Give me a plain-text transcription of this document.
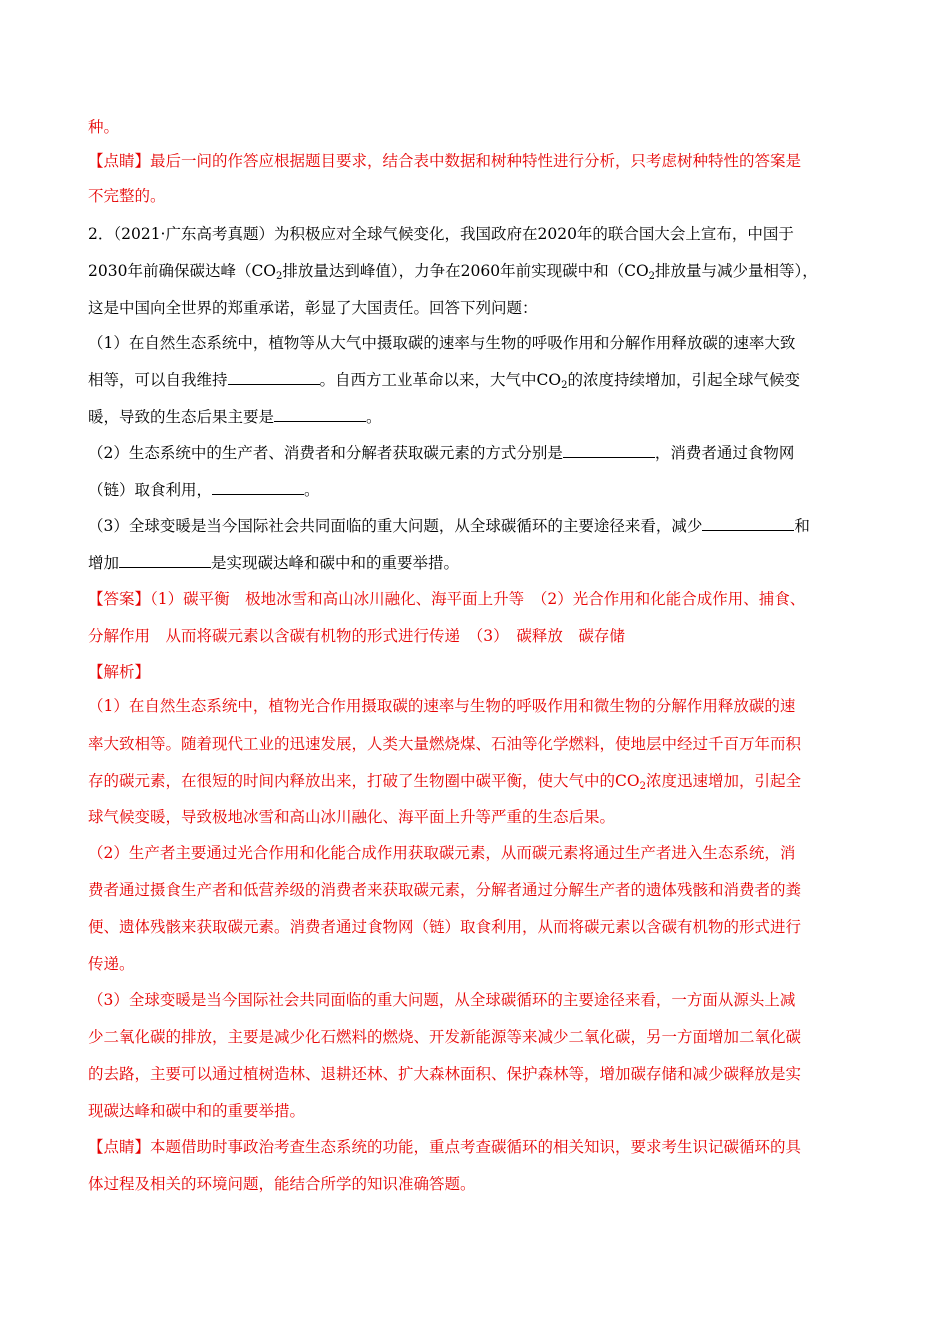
种。
【点睛】最后一问的作答应根据题目要求，结合表中数据和树种特性进行分析，只考虑树种特性的答案是
不完整的。
2．（2021·广东高考真题）为积极应对全球气候变化，我国政府在2020年的联合国大会上宣布，中国于
2030年前确保碳达峰（$CO_2$排放量达到峰值），力争在2060年前实现碳中和（$CO_2$排放量与减少量相等），
这是中国向全世界的郑重承诺，彰显了大国责任。回答下列问题：
（1）在自然生态系统中，植物等从大气中摄取碳的速率与生物的呼吸作用和分解作用释放碳的速率大致
相等，可以自我维持	。自西方工业革命以来，大气中$CO_2$的浓度持续增加，引起全球气候变
暖，导致的生态后果主要是	。
（2）生态系统中的生产者、消费者和分解者获取碳元素的方式分别是	，消费者通过食物网
（链）取食利用，	。
（3）全球变暖是当今国际社会共同面临的重大问题，从全球碳循环的主要途径来看，减少	和
增加	是实现碳达峰和碳中和的重要举措。
【答案】（1）碳平衡　极地冰雪和高山冰川融化、海平面上升等　（2）光合作用和化能合成作用、捕食、
分解作用　从而将碳元素以含碳有机物的形式进行传递　（3）　碳释放　碳存储
【解析】
（1）在自然生态系统中，植物光合作用摄取碳的速率与生物的呼吸作用和微生物的分解作用释放碳的速
率大致相等。随着现代工业的迅速发展，人类大量燃烧煤、石油等化学燃料，使地层中经过千百万年而积
存的碳元素，在很短的时间内释放出来，打破了生物圈中碳平衡，使大气中的$CO_2$浓度迅速增加，引起全
球气候变暖，导致极地冰雪和高山冰川融化、海平面上升等严重的生态后果。
（2）生产者主要通过光合作用和化能合成作用获取碳元素，从而碳元素将通过生产者进入生态系统，消
费者通过摄食生产者和低营养级的消费者来获取碳元素，分解者通过分解生产者的遗体残骸和消费者的粪
便、遗体残骸来获取碳元素。消费者通过食物网（链）取食利用，从而将碳元素以含碳有机物的形式进行
传递。
（3）全球变暖是当今国际社会共同面临的重大问题，从全球碳循环的主要途径来看，一方面从源头上减
少二氧化碳的排放，主要是减少化石燃料的燃烧、开发新能源等来减少二氧化碳，另一方面增加二氧化碳
的去路，主要可以通过植树造林、退耕还林、扩大森林面积、保护森林等，增加碳存储和减少碳释放是实
现碳达峰和碳中和的重要举措。
【点睛】本题借助时事政治考查生态系统的功能，重点考查碳循环的相关知识，要求考生识记碳循环的具
体过程及相关的环境问题，能结合所学的知识准确答题。
